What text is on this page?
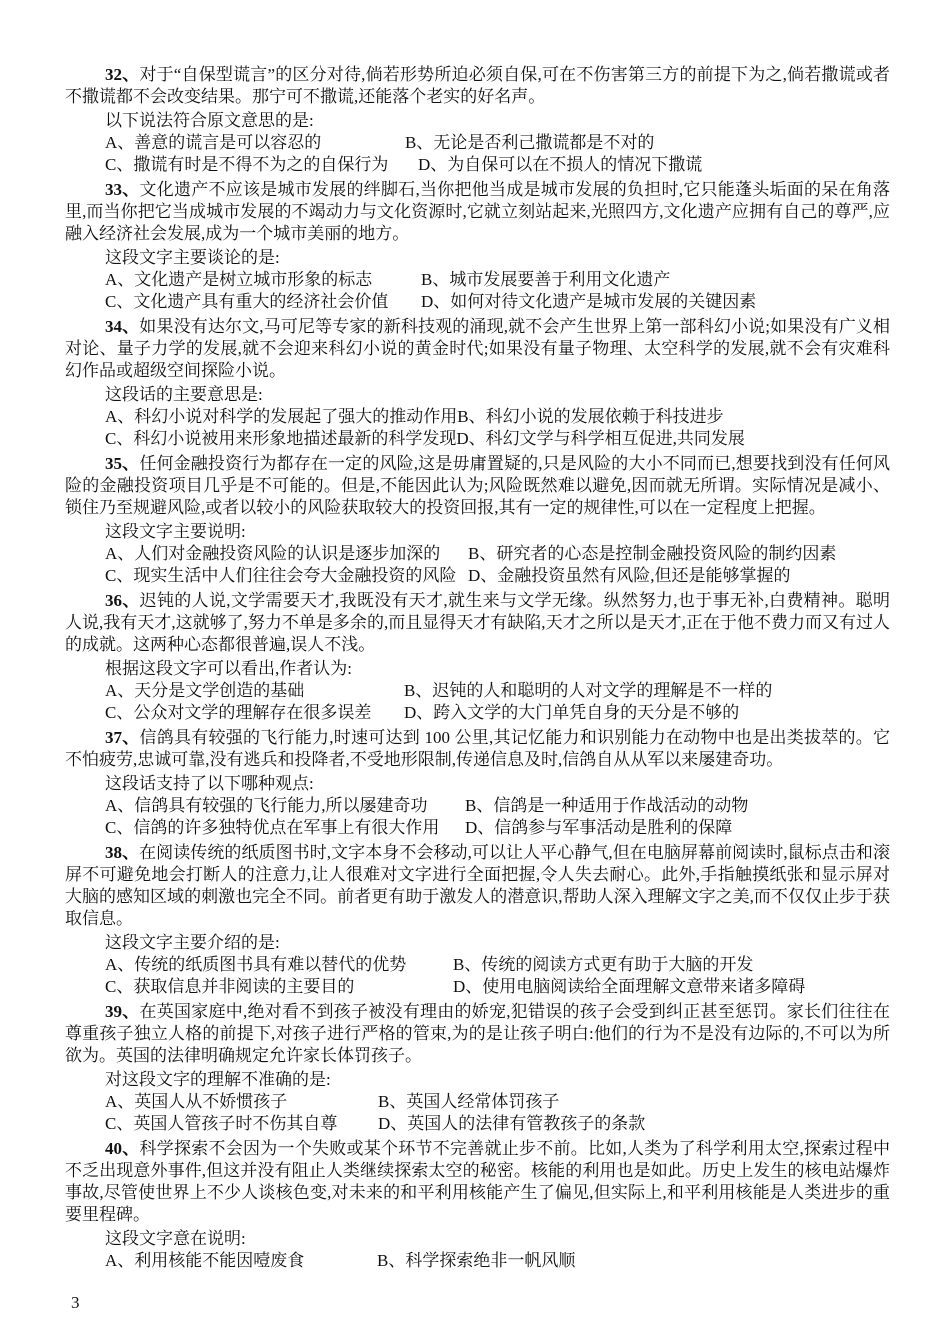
32、对于“自保型谎言”的区分对待,倘若形势所迫必须自保,可在不伤害第三方的前提下为之,倘若撒谎或者不撒谎都不会改变结果。那宁可不撒谎,还能落个老实的好名声。

以下说法符合原文意思的是:

A、善意的谎言是可以容忍的	B、无论是否利己撒谎都是不对的
C、撒谎有时是不得不为之的自保行为	D、为自保可以在不损人的情况下撒谎

33、文化遗产不应该是城市发展的绊脚石,当你把他当成是城市发展的负担时,它只能蓬头垢面的呆在角落里,而当你把它当成城市发展的不竭动力与文化资源时,它就立刻站起来,光照四方,文化遗产应拥有自己的尊严,应融入经济社会发展,成为一个城市美丽的地方。

这段文字主要谈论的是:

A、文化遗产是树立城市形象的标志	B、城市发展要善于利用文化遗产
C、文化遗产具有重大的经济社会价值	D、如何对待文化遗产是城市发展的关键因素

34、如果没有达尔文,马可尼等专家的新科技观的涌现,就不会产生世界上第一部科幻小说;如果没有广义相对论、量子力学的发展,就不会迎来科幻小说的黄金时代;如果没有量子物理、太空科学的发展,就不会有灾难科幻作品或超级空间探险小说。

这段话的主要意思是:

A、科幻小说对科学的发展起了强大的推动作用 B、科幻小说的发展依赖于科技进步
C、科幻小说被用来形象地描述最新的科学发现 D、科幻文学与科学相互促进,共同发展

35、任何金融投资行为都存在一定的风险,这是毋庸置疑的,只是风险的大小不同而已,想要找到没有任何风险的金融投资项目几乎是不可能的。但是,不能因此认为;风险既然难以避免,因而就无所谓。实际情况是减小、锁住乃至规避风险,或者以较小的风险获取较大的投资回报,其有一定的规律性,可以在一定程度上把握。

这段文字主要说明:

A、人们对金融投资风险的认识是逐步加深的	B、研究者的心态是控制金融投资风险的制约因素
C、现实生活中人们往往会夸大金融投资的风险 D、金融投资虽然有风险,但还是能够掌握的

36、迟钝的人说,文学需要天才,我既没有天才,就生来与文学无缘。纵然努力,也于事无补,白费精神。聪明人说,我有天才,这就够了,努力不单是多余的,而且显得天才有缺陷,天才之所以是天才,正在于他不费力而又有过人的成就。这两种心态都很普遍,误人不浅。

根据这段文字可以看出,作者认为:

A、天分是文学创造的基础	B、迟钝的人和聪明的人对文学的理解是不一样的
C、公众对文学的理解存在很多误差	D、跨入文学的大门单凭自身的天分是不够的

37、信鸽具有较强的飞行能力,时速可达到 100 公里,其记忆能力和识别能力在动物中也是出类拔萃的。它不怕疲劳,忠诚可靠,没有逃兵和投降者,不受地形限制,传递信息及时,信鸽自从从军以来屡建奇功。

这段话支持了以下哪种观点:

A、信鸽具有较强的飞行能力,所以屡建奇功	B、信鸽是一种适用于作战活动的动物
C、信鸽的许多独特优点在军事上有很大作用	D、信鸽参与军事活动是胜利的保障

38、在阅读传统的纸质图书时,文字本身不会移动,可以让人平心静气,但在电脑屏幕前阅读时,鼠标点击和滚屏不可避免地会打断人的注意力,让人很难对文字进行全面把握,令人失去耐心。此外,手指触摸纸张和显示屏对大脑的感知区域的刺激也完全不同。前者更有助于激发人的潜意识,帮助人深入理解文字之美,而不仅仅止步于获取信息。

这段文字主要介绍的是:

A、传统的纸质图书具有难以替代的优势	B、传统的阅读方式更有助于大脑的开发
C、获取信息并非阅读的主要目的	D、使用电脑阅读给全面理解文意带来诸多障碍

39、在英国家庭中,绝对看不到孩子被没有理由的娇宠,犯错误的孩子会受到纠正甚至惩罚。家长们往往在尊重孩子独立人格的前提下,对孩子进行严格的管束,为的是让孩子明白:他们的行为不是没有边际的,不可以为所欲为。英国的法律明确规定允许家长体罚孩子。

对这段文字的理解不准确的是:

A、英国人从不娇惯孩子	B、英国人经常体罚孩子
C、英国人管孩子时不伤其自尊	D、英国人的法律有管教孩子的条款

40、科学探索不会因为一个失败或某个环节不完善就止步不前。比如,人类为了科学利用太空,探索过程中不乏出现意外事件,但这并没有阻止人类继续探索太空的秘密。核能的利用也是如此。历史上发生的核电站爆炸事故,尽管使世界上不少人谈核色变,对未来的和平利用核能产生了偏见,但实际上,和平利用核能是人类进步的重要里程碑。

这段文字意在说明:

A、利用核能不能因噎废食	B、科学探索绝非一帆风顺
3
